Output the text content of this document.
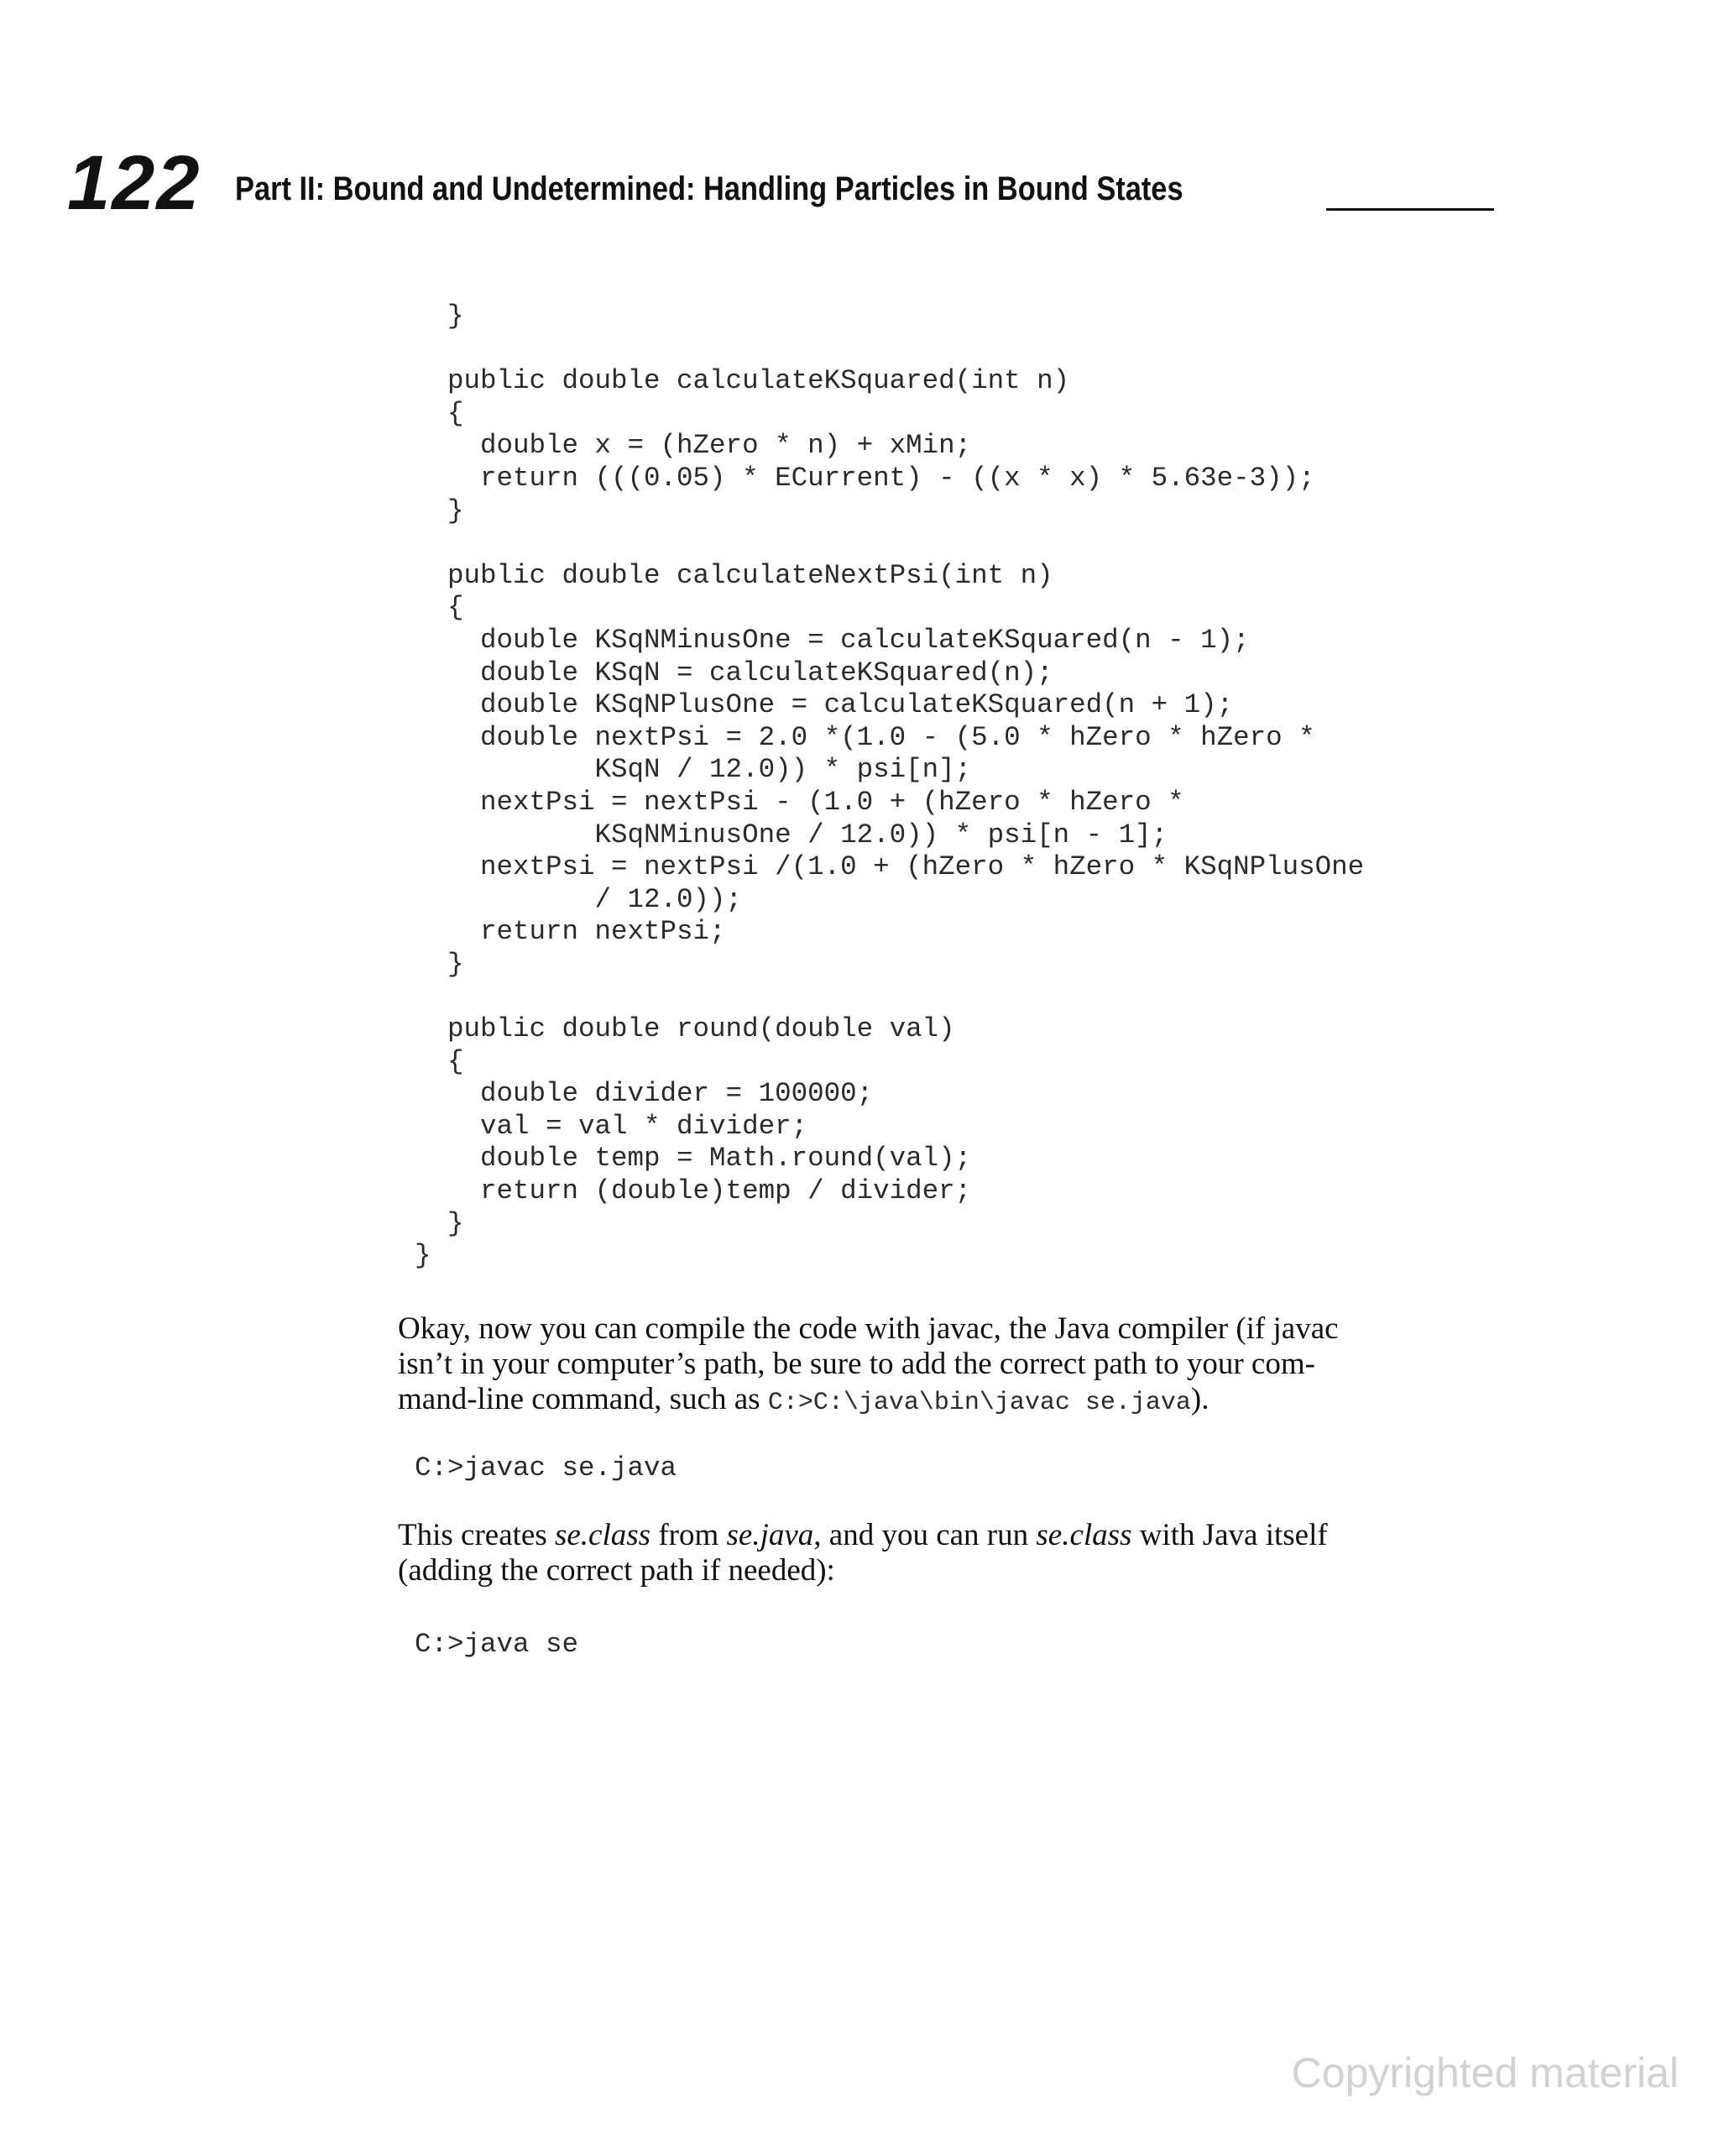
122 Part II: Bound and Undetermined: Handling Particles in Bound States
}

public double calculateKSquared(int n)
{
double x = (hZero * n) + xMin;
return (((0.05) * ECurrent) - ((x * x) * 5.63e-3));
}

public double calculateNextPsi(int n)
{
double KSqNMinusOne = calculateKSquared(n - 1);
double KSqN = calculateKSquared(n);
double KSqNPlusOne = calculateKSquared(n + 1);
double nextPsi = 2.0 *(1.0 - (5.0 * hZero * hZero *
KSqN / 12.0)) * psi[n];
nextPsi = nextPsi - (1.0 + (hZero * hZero *
KSqNMinusOne / 12.0)) * psi[n - 1];
nextPsi = nextPsi /(1.0 + (hZero * hZero * KSqNPlusOne
/ 12.0));
return nextPsi;
}

public double round(double val)
{
double divider = 100000;
val = val * divider;
double temp = Math.round(val);
return (double)temp / divider;
}
}

Okay, now you can compile the code with javac, the Java compiler (if javac
isn’t in your computer’s path, be sure to add the correct path to your com-
mand-line command, such as C:>C:\java\bin\javac se.java).

C:>javac se.java

This creates se.class from se.java, and you can run se.class with Java itself
(adding the correct path if needed):

C:>java se
Copyrighted material
